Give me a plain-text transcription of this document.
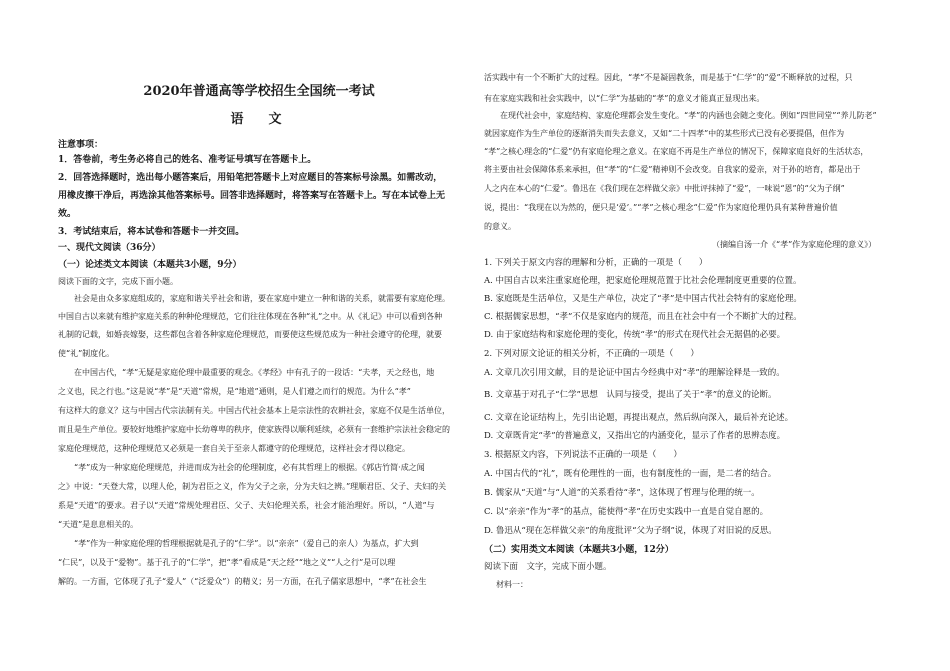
2020年普通高等学校招生全国统一考试
语　文
注意事项：
1．答卷前，考生务必将自己的姓名、准考证号填写在答题卡上。
2．回答选择题时，选出每小题答案后，用铅笔把答题卡上对应题目的答案标号涂黑。如需改动，
用橡皮擦干净后，再选涂其他答案标号。回答非选择题时，将答案写在答题卡上。写在本试卷上无
效。
3．考试结束后，将本试卷和答题卡一并交回。
一、现代文阅读（36分）
（一）论述类文本阅读（本题共3小题，9分）
阅读下面的文字，完成下面小题。
　　社会是由众多家庭组成的，家庭和谐关乎社会和谐，要在家庭中建立一种和谐的关系，就需要有家庭伦理。
中国自古以来就有维护家庭关系的种种伦理规范，它们往往体现在各种“礼”之中。从《礼记》中可以看到各种
礼制的记载，如婚丧嫁娶，这些都包含着各种家庭伦理规范，而要使这些规范成为一种社会遵守的伦理，就要
使“礼”制度化。
　　在中国古代，“孝”无疑是家庭伦理中最重要的观念。《孝经》中有孔子的一段话：“夫孝，天之经也，地
之义也，民之行也。”这是说“孝”是“天道”常规，是“地道”通则，是人们遵之而行的规范。为什么“孝”
有这样大的意义？这与中国古代宗法制有关。中国古代社会基本上是宗法性的农耕社会，家庭不仅是生活单位，
而且是生产单位。要较好地维护家庭中长幼尊卑的秩序，使家族得以顺利延续，必须有一套维护宗法社会稳定的
家庭伦理规范，这种伦理规范又必须是一套自关于至亲人都遵守的伦理规范，这样社会才得以稳定。
　　“孝”成为一种家庭伦理规范，并进而成为社会的伦理制度，必有其哲理上的根据。《郭店竹简·成之闻
之》中说：“天登大常，以理人伦，制为君臣之义，作为父子之亲，分为夫妇之辨。”理顺君臣、父子、夫妇的关
系是“天道”的要求。君子以“天道”常规处理君臣、父子、夫妇伦理关系，社会才能治理好。所以，“人道”与
“天道”是息息相关的。
　　“孝”作为一种家庭伦理的哲理根据就是孔子的“仁学”。以“亲亲”（爱自己的亲人）为基点，扩大到
“仁民”，以及于“爱物”。基于孔子的“仁学”，把“孝”看成是“天之经”“地之义”“人之行”是可以理
解的。一方面，它体现了孔子“爱人”（“泛爱众”）的精义；另一方面，在孔子儒家思想中，“孝”在社会生
活实践中有一个不断扩大的过程。因此，“孝”不是凝固教条，而是基于“仁学”的“爱”不断释放的过程，只
有在家庭实践和社会实践中，以“仁学”为基础的“孝”的意义才能真正显现出来。
　　在现代社会中，家庭结构、家庭伦理都会发生变化。“孝”的内涵也会随之变化。例如“四世同堂”“养儿防老”
就因家庭作为生产单位的逐渐消失而失去意义，又如“二十四孝”中的某些形式已没有必要提倡，但作为
“孝”之核心理念的“仁爱”仍有家庭伦理之意义。在家庭不再是生产单位的情况下，保障家庭良好的生活状态，
将主要由社会保障体系来承担，但“孝”的“仁爱”精神则不会改变。自我家的爱亲，对于孙的培育，都是出于
人之内在本心的“仁爱”。鲁迅在《我们现在怎样做父亲》中批评抹掉了“爱”，一味说“恩”的“父为子纲”
说，提出：“我现在以为然的，便只是‘爱’。”“孝”之核心理念“仁爱”作为家庭伦理仍具有某种普遍价值
的意义。
（摘编自汤一介《“孝”作为家庭伦理的意义》）
1. 下列关于原文内容的理解和分析，正确的一项是（　　）
A. 中国自古以来注重家庭伦理，把家庭伦理规范置于比社会伦理制度更重要的位置。
B. 家庭既是生活单位，又是生产单位，决定了“孝”是中国古代社会特有的家庭伦理。
C. 根据儒家思想，“孝”不仅是家庭内的规范，而且在社会中有一个不断扩大的过程。
D. 由于家庭结构和家庭伦理的变化，传统“孝”的形式在现代社会无据倡的必要。
2. 下列对原文论证的相关分析，不正确的一项是（　　）
A. 文章几次引用文献，目的是论证中国古今经典中对“孝”的理解诠释是一致的。
B. 文章基于对孔子“仁学”思想　认同与接受，提出了关于“孝”的意义的论断。
C. 文章在论证结构上，先引出论题，再提出观点，然后纵向深入，最后补充论述。
D. 文章既肯定“孝”的普遍意义，又指出它的内涵变化，显示了作者的思辨态度。
3. 根据原文内容，下列说法不正确的一项是（　　）
A. 中国古代的“礼”，既有伦理性的一面，也有制度性的一面，是二者的结合。
B. 儒家从“天道”与“人道”的关系看待“孝”，这体现了哲理与伦理的统一。
C. 以“亲亲”作为“孝”的基点，能使得“孝”在历史实践中一直是自觉自愿的。
D. 鲁迅从“现在怎样做父亲”的角度批评“父为子纲”说，体现了对旧说的反思。
（二）实用类文本阅读（本题共3小题，12分）
阅读下面　文字，完成下面小题。
材料一：
